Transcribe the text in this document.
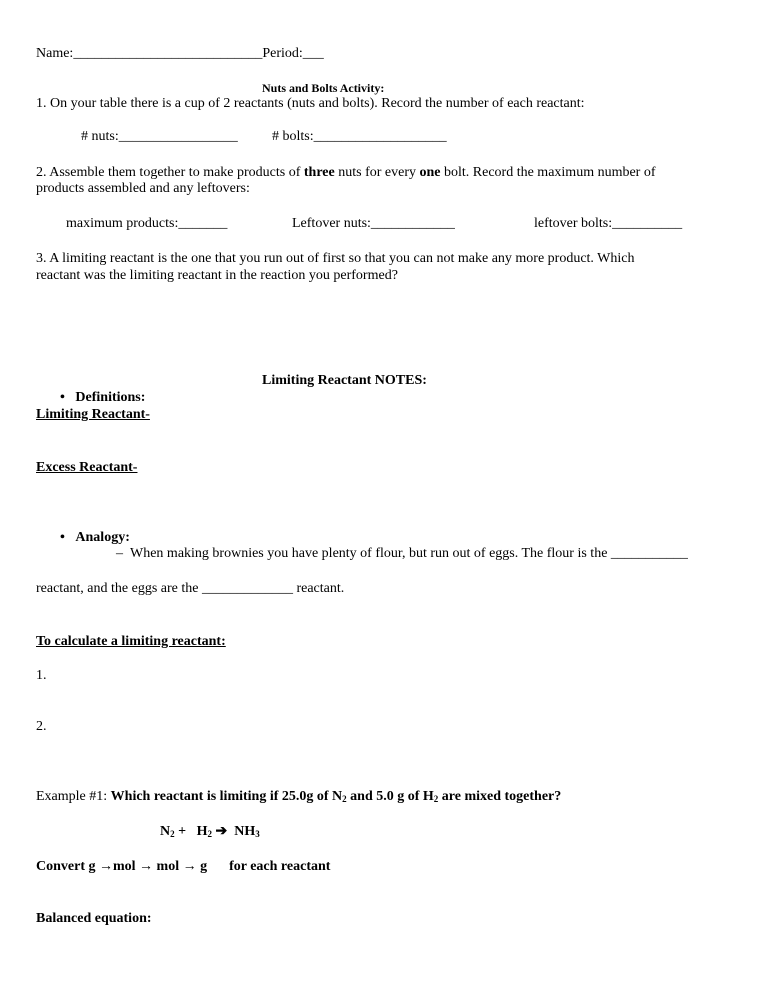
Name:___________________________Period:___
Nuts and Bolts Activity:
1. On your table there is a cup of 2 reactants (nuts and bolts). Record the number of each reactant:
# nuts:_________________ # bolts:___________________
2. Assemble them together to make products of three nuts for every one bolt. Record the maximum number of
products assembled and any leftovers:
maximum products:_______	Leftover nuts:____________	leftover bolts:__________
3. A limiting reactant is the one that you run out of first so that you can not make any more product. Which
reactant was the limiting reactant in the reaction you performed?
Limiting Reactant NOTES:
• Definitions:
Limiting Reactant-
Excess Reactant-
• Analogy:
– When making brownies you have plenty of flour, but run out of eggs. The flour is the ___________
reactant, and the eggs are the _____________ reactant.
To calculate a limiting reactant:
1.
2.
Example #1: Which reactant is limiting if 25.0g of $N_2$ and 5.0 g of $H_2$ are mixed together?
$N_2 + H_2$ ➔  $NH_3$
Convert g →mol → mol → g for each reactant
Balanced equation:
